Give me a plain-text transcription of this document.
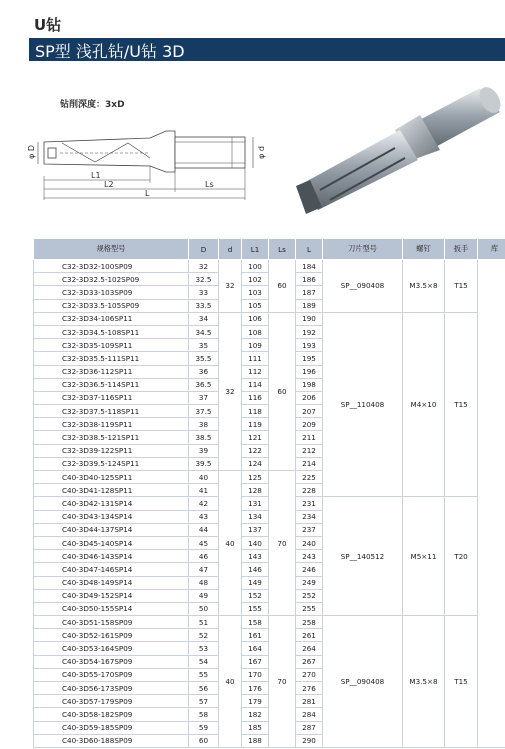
U钻
SP型 浅孔钻/U钻 3D
钻削深度：3xD
φ D	φ d
L1
L2	Ls
L
规格型号	D	d	L1	Ls	L	刀片型号	螺钉	扳手	库
C32-3D32-100SP09	32	32	100	60	184	SP__090408	M3.5×8	T15	
C32-3D32.5-102SP09	32.5		102		186				
C32-3D33-103SP09	33		103		187				
C32-3D33.5-105SP09	33.5		105		189				
C32-3D34-106SP11	34	32	106	60	190	SP__110408	M4×10	T15	
C32-3D34.5-108SP11	34.5		108		192				
C32-3D35-109SP11	35		109		193				
C32-3D35.5-111SP11	35.5		111		195				
C32-3D36-112SP11	36		112		196				
C32-3D36.5-114SP11	36.5		114		198				
C32-3D37-116SP11	37		116		206				
C32-3D37.5-118SP11	37.5		118		207				
C32-3D38-119SP11	38		119		209				
C32-3D38.5-121SP11	38.5		121		211				
C32-3D39-122SP11	39		122		212				
C32-3D39.5-124SP11	39.5		124		214				
C40-3D40-125SP11	40	40	125	70	225				
C40-3D41-128SP11	41		128		228				
C40-3D42-131SP14	42		131		231	SP__140512	M5×11	T20	
C40-3D43-134SP14	43		134		234				
C40-3D44-137SP14	44		137		237				
C40-3D45-140SP14	45		140		240				
C40-3D46-143SP14	46		143		243				
C40-3D47-146SP14	47		146		246				
C40-3D48-149SP14	48		149		249				
C40-3D49-152SP14	49		152		252				
C40-3D50-155SP14	50		155		255				
C40-3D51-158SP09	51	40	158	70	258	SP__090408	M3.5×8	T15	
C40-3D52-161SP09	52		161		261				
C40-3D53-164SP09	53		164		264				
C40-3D54-167SP09	54		167		267				
C40-3D55-170SP09	55		170		270				
C40-3D56-173SP09	56		176		276				
C40-3D57-179SP09	57		179		281				
C40-3D58-182SP09	58		182		284				
C40-3D59-185SP09	59		185		287				
C40-3D60-188SP09	60		188		290				
